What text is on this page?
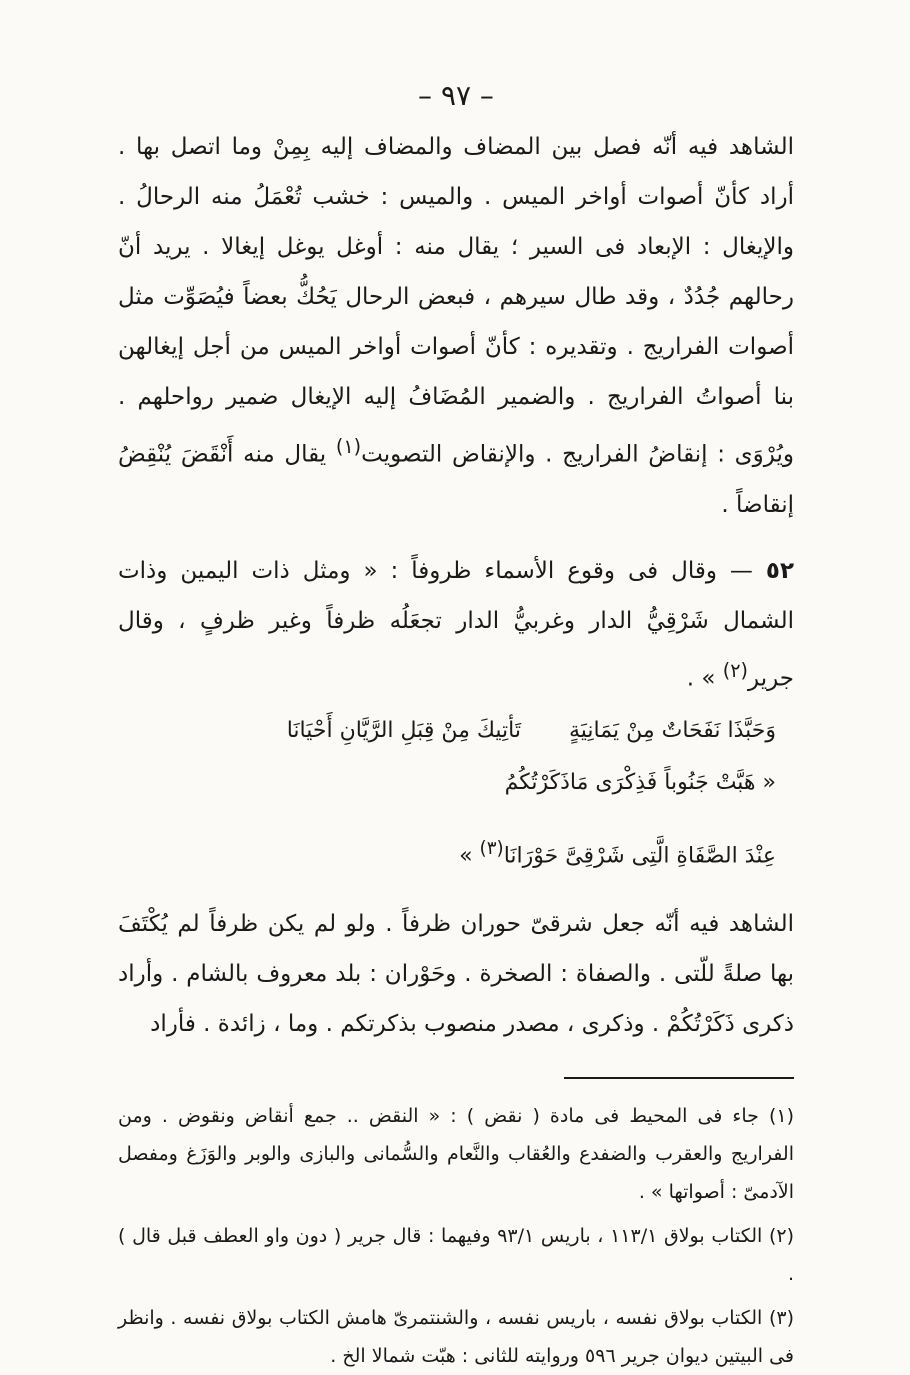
– ٩٧ –

الشاهد فيه أنّه فصل بين المضاف والمضاف إليه بِمِنْ وما اتصل بها . أراد كأنّ أصوات أواخر الميس . والميس : خشب تُعْمَلُ منه الرحالُ . والإيغال : الإبعاد فى السير ؛ يقال منه : أوغل يوغل إيغالا . يريد أنّ رحالهم جُدُدٌ ، وقد طال سيرهم ، فبعض الرحال يَحُكُّ بعضاً فيُصَوِّت مثل أصوات الفراريج . وتقديره : كأنّ أصوات أواخر الميس من أجل إيغالهن بنا أصواتُ الفراريج . والضمير المُضَافُ إليه الإيغال ضمير رواحلهم . ويُرْوَى : إنقاضُ الفراريج . والإنقاض التصويت$^{(١)}$ يقال منه أَنْقَضَ يُنْقِضُ إنقاضاً .

٥٢ — وقال فى وقوع الأسماء ظروفاً : « ومثل ذات اليمين وذات الشمال شَرْقِيُّ الدار وغربيُّ الدار تجعَلُه ظرفاً وغير ظرفٍ ، وقال جرير$^{(٢)}$ » .

وَحَبَّذَا نَفَحَاتٌ مِنْ يَمَانِيَةٍتَأتِيكَ مِنْ قِبَلِ الرَّيَّانِ أَحْيَانَا
« هَبَّتْ جَنُوباً فَذِكْرَى مَاذَكَرْتُكُمُ
عِنْدَ الصَّفَاةِ الَّتِى شَرْقِىَّ حَوْرَانَا$^{(٣)}$ »

الشاهد فيه أنّه جعل شرقىّ حوران ظرفاً . ولو لم يكن ظرفاً لم يُكْتَفَ بها صلةً للّتى . والصفاة : الصخرة . وحَوْران : بلد معروف بالشام . وأراد ذكرى ذَكَرْتُكُمْ . وذكرى ، مصدر منصوب بذكرتكم . وما ، زائدة . فأراد

(١) جاء فى المحيط فى مادة ( نقض ) : « النقض .. جمع أنقاض ونقوض . ومن الفراريج والعقرب والضفدع والعُقاب والنَّعام والسُّمانى والبازى والوبر والوَزَغ ومفصل الآدمىّ : أصواتها » .

(٢) الكتاب بولاق ١١٣/١ ، باريس ٩٣/١ وفيهما : قال جرير ( دون واو العطف قبل قال ) .

(٣) الكتاب بولاق نفسه ، باريس نفسه ، والشنتمرىّ هامش الكتاب بولاق نفسه . وانظر فى البيتين ديوان جرير ٥٩٦ وروايته للثانى : هبّت شمالا الخ .
